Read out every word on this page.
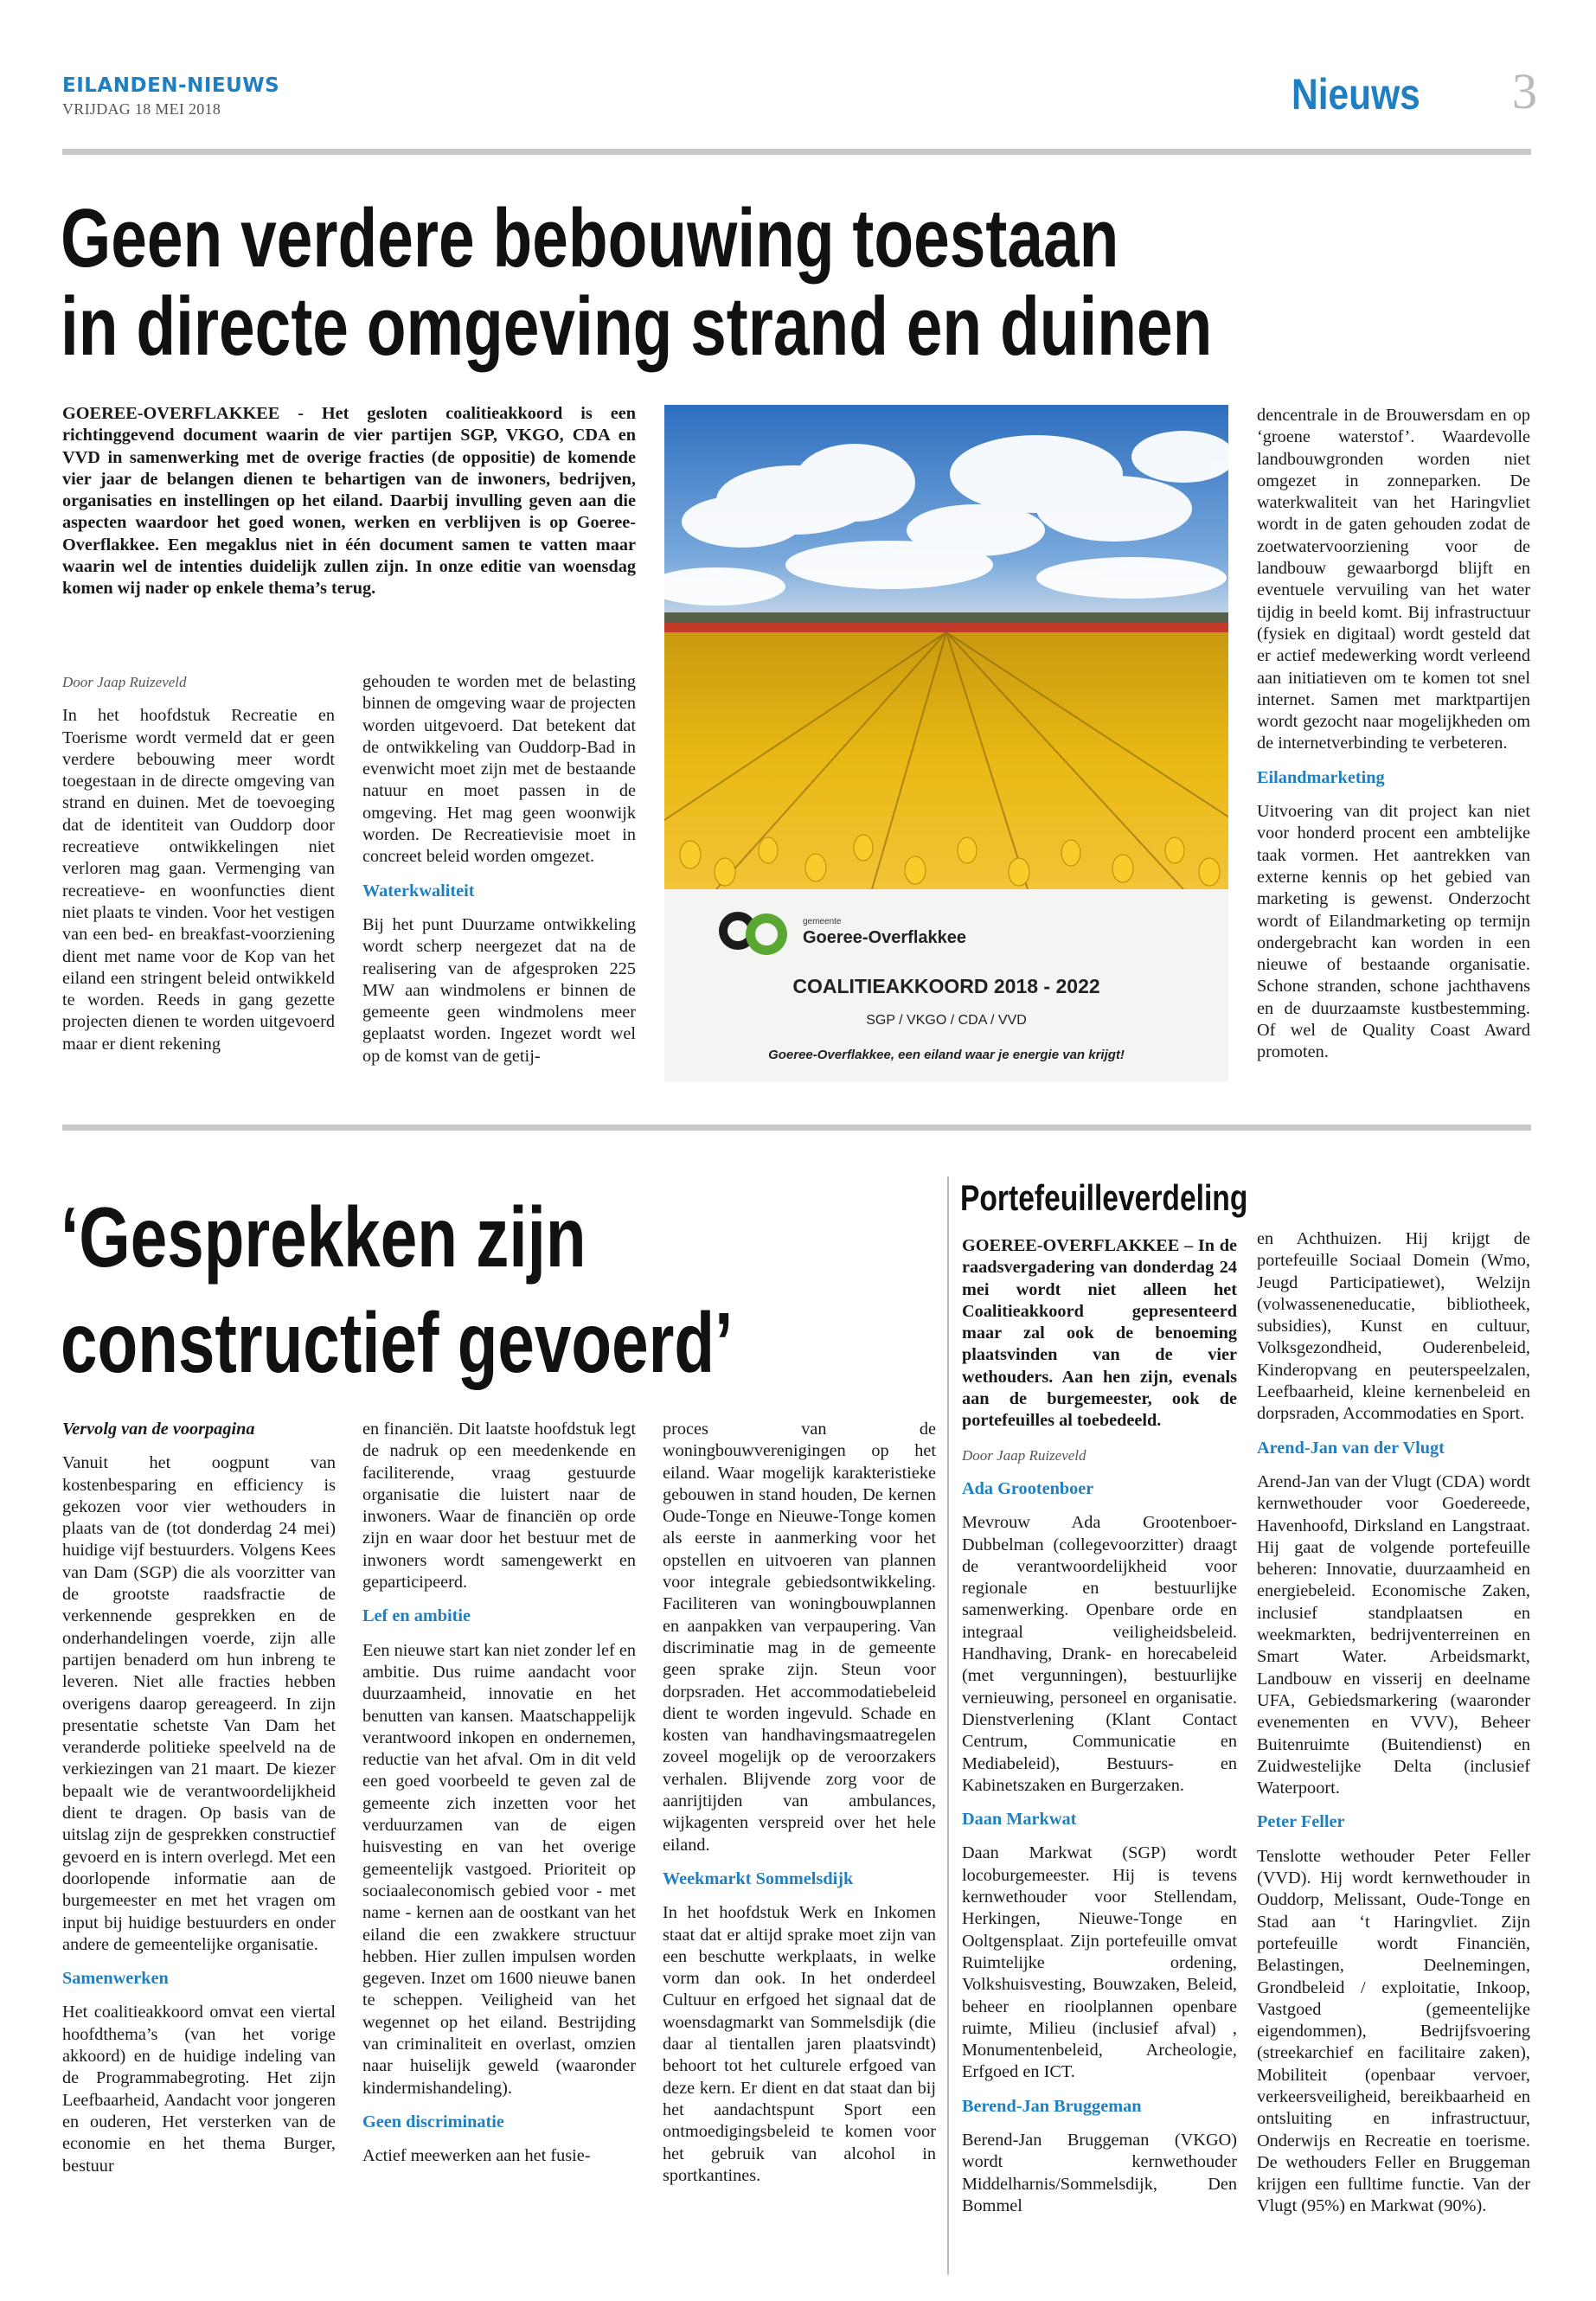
EILANDEN-NIEUWS
VRIJDAG 18 MEI 2018	Nieuws 3
Geen verdere bebouwing toestaan
in directe omgeving strand en duinen

GOEREE-OVERFLAKKEE - Het gesloten coalitieakkoord is een richtinggevend document waarin de vier partijen SGP, VKGO, CDA en VVD in samenwerking met de overige fracties (de oppositie) de komende vier jaar de belangen dienen te behartigen van de inwoners, bedrijven, organisaties en instellingen op het eiland. Daarbij invulling geven aan die aspecten waardoor het goed wonen, werken en verblijven is op Goeree-Overflakkee. Een megaklus niet in één document samen te vatten maar waarin wel de intenties duidelijk zullen zijn. In onze editie van woensdag komen wij nader op enkele thema’s terug.

Door Jaap Ruizeveld

In het hoofdstuk Recreatie en Toerisme wordt vermeld dat er geen verdere bebouwing meer wordt toegestaan in de directe omgeving van strand en duinen. Met de toevoeging dat de identiteit van Ouddorp door recreatieve ontwikkelingen niet verloren mag gaan. Vermenging van recreatieve- en woonfuncties dient niet plaats te vinden. Voor het vestigen van een bed- en breakfast-voorziening dient met name voor de Kop van het eiland een stringent beleid ontwikkeld te worden. Reeds in gang gezette projecten dienen te worden uitgevoerd maar er dient rekening

gehouden te worden met de belasting binnen de omgeving waar de projecten worden uitgevoerd. Dat betekent dat de ontwikkeling van Ouddorp-Bad in evenwicht moet zijn met de bestaande natuur en moet passen in de omgeving. Het mag geen woonwijk worden. De Recreatievisie moet in concreet beleid worden omgezet.

Waterkwaliteit

Bij het punt Duurzame ontwikkeling wordt scherp neergezet dat na de realisering van de afgesproken 225 MW aan windmolens er binnen de gemeente geen windmolens meer geplaatst worden. Ingezet wordt wel op de komst van de getij-

gemeente
Goeree-Overflakkee
COALITIEAKKOORD 2018 - 2022
SGP / VKGO / CDA / VVD
Goeree-Overflakkee, een eiland waar je energie van krijgt!

dencentrale in de Brouwersdam en op ‘groene waterstof’. Waardevolle landbouwgronden worden niet omgezet in zonneparken. De waterkwaliteit van het Haringvliet wordt in de gaten gehouden zodat de zoetwatervoorziening voor de landbouw gewaarborgd blijft en eventuele vervuiling van het water tijdig in beeld komt. Bij infrastructuur (fysiek en digitaal) wordt gesteld dat er actief medewerking wordt verleend aan initiatieven om te komen tot snel internet. Samen met marktpartijen wordt gezocht naar mogelijkheden om de internetverbinding te verbeteren.

Eilandmarketing

Uitvoering van dit project kan niet voor honderd procent een ambtelijke taak vormen. Het aantrekken van externe kennis op het gebied van marketing is gewenst. Onderzocht wordt of Eilandmarketing op termijn ondergebracht kan worden in een nieuwe of bestaande organisatie. Schone stranden, schone jachthavens en de duurzaamste kustbestemming. Of wel de Quality Coast Award promoten.

‘Gesprekken zijn
constructief gevoerd’

Vervolg van de voorpagina

Vanuit het oogpunt van kostenbesparing en efficiency is gekozen voor vier wethouders in plaats van de (tot donderdag 24 mei) huidige vijf bestuurders. Volgens Kees van Dam (SGP) die als voorzitter van de grootste raadsfractie de verkennende gesprekken en de onderhandelingen voerde, zijn alle partijen benaderd om hun inbreng te leveren. Niet alle fracties hebben overigens daarop gereageerd. In zijn presentatie schetste Van Dam het veranderde politieke speelveld na de verkiezingen van 21 maart. De kiezer bepaalt wie de verantwoordelijkheid dient te dragen. Op basis van de uitslag zijn de gesprekken constructief gevoerd en is intern overlegd. Met een doorlopende informatie aan de burgemeester en met het vragen om input bij huidige bestuurders en onder andere de gemeentelijke organisatie.

Samenwerken

Het coalitieakkoord omvat een viertal hoofdthema’s (van het vorige akkoord) en de huidige indeling van de Programmabegroting. Het zijn Leefbaarheid, Aandacht voor jongeren en ouderen, Het versterken van de economie en het thema Burger, bestuur

en financiën. Dit laatste hoofdstuk legt de nadruk op een meedenkende en faciliterende, vraag gestuurde organisatie die luistert naar de inwoners. Waar de financiën op orde zijn en waar door het bestuur met de inwoners wordt samengewerkt en geparticipeerd.

Lef en ambitie

Een nieuwe start kan niet zonder lef en ambitie. Dus ruime aandacht voor duurzaamheid, innovatie en het benutten van kansen. Maatschappelijk verantwoord inkopen en ondernemen, reductie van het afval. Om in dit veld een goed voorbeeld te geven zal de gemeente zich inzetten voor het verduurzamen van de eigen huisvesting en van het overige gemeentelijk vastgoed. Prioriteit op sociaaleconomisch gebied voor - met name - kernen aan de oostkant van het eiland die een zwakkere structuur hebben. Hier zullen impulsen worden gegeven. Inzet om 1600 nieuwe banen te scheppen. Veiligheid van het wegennet op het eiland. Bestrijding van criminaliteit en overlast, omzien naar huiselijk geweld (waaronder kindermishandeling).

Geen discriminatie

Actief meewerken aan het fusie-

proces van de woningbouwverenigingen op het eiland. Waar mogelijk karakteristieke gebouwen in stand houden, De kernen Oude-Tonge en Nieuwe-Tonge komen als eerste in aanmerking voor het opstellen en uitvoeren van plannen voor integrale gebiedsontwikkeling. Faciliteren van woningbouwplannen en aanpakken van verpaupering. Van discriminatie mag in de gemeente geen sprake zijn. Steun voor dorpsraden. Het accommodatiebeleid dient te worden ingevuld. Schade en kosten van handhavingsmaatregelen zoveel mogelijk op de veroorzakers verhalen. Blijvende zorg voor de aanrijtijden van ambulances, wijkagenten verspreid over het hele eiland.

Weekmarkt Sommelsdijk

In het hoofdstuk Werk en Inkomen staat dat er altijd sprake moet zijn van een beschutte werkplaats, in welke vorm dan ook. In het onderdeel Cultuur en erfgoed het signaal dat de woensdagmarkt van Sommelsdijk (die daar al tientallen jaren plaatsvindt) behoort tot het culturele erfgoed van deze kern. Er dient en dat staat dan bij het aandachtspunt Sport een ontmoedigingsbeleid te komen voor het gebruik van alcohol in sportkantines.

Portefeuilleverdeling

GOEREE-OVERFLAKKEE – In de raadsvergadering van donderdag 24 mei wordt niet alleen het Coalitieakkoord gepresenteerd maar zal ook de benoeming plaatsvinden van de vier wethouders. Aan hen zijn, evenals aan de burgemeester, ook de portefeuilles al toebedeeld.

Door Jaap Ruizeveld

Ada Grootenboer

Mevrouw Ada Grootenboer-Dubbelman (collegevoorzitter) draagt de verantwoordelijkheid voor regionale en bestuurlijke samenwerking. Openbare orde en integraal veiligheidsbeleid. Handhaving, Drank- en horecabeleid (met vergunningen), bestuurlijke vernieuwing, personeel en organisatie. Dienstverlening (Klant Contact Centrum, Communicatie en Mediabeleid), Bestuurs- en Kabinetszaken en Burgerzaken.

Daan Markwat

Daan Markwat (SGP) wordt locoburgemeester. Hij is tevens kernwethouder voor Stellendam, Herkingen, Nieuwe-Tonge en Ooltgensplaat. Zijn portefeuille omvat Ruimtelijke ordening, Volkshuisvesting, Bouwzaken, Beleid, beheer en rioolplannen openbare ruimte, Milieu (inclusief afval) , Monumentenbeleid, Archeologie, Erfgoed en ICT.

Berend-Jan Bruggeman

Berend-Jan Bruggeman (VKGO) wordt kernwethouder Middelharnis/Sommelsdijk, Den Bommel

en Achthuizen. Hij krijgt de portefeuille Sociaal Domein (Wmo, Jeugd Participatiewet), Welzijn (volwasseneneducatie, bibliotheek, subsidies), Kunst en cultuur, Volksgezondheid, Ouderenbeleid, Kinderopvang en peuterspeelzalen, Leefbaarheid, kleine kernenbeleid en dorpsraden, Accommodaties en Sport.

Arend-Jan van der Vlugt

Arend-Jan van der Vlugt (CDA) wordt kernwethouder voor Goedereede, Havenhoofd, Dirksland en Langstraat. Hij gaat de volgende portefeuille beheren: Innovatie, duurzaamheid en energiebeleid. Economische Zaken, inclusief standplaatsen en weekmarkten, bedrijventerreinen en Smart Water. Arbeidsmarkt, Landbouw en visserij en deelname UFA, Gebiedsmarkering (waaronder evenementen en VVV), Beheer Buitenruimte (Buitendienst) en Zuidwestelijke Delta (inclusief Waterpoort.

Peter Feller

Tenslotte wethouder Peter Feller (VVD). Hij wordt kernwethouder in Ouddorp, Melissant, Oude-Tonge en Stad aan ‘t Haringvliet. Zijn portefeuille wordt Financiën, Belastingen, Deelnemingen, Grondbeleid / exploitatie, Inkoop, Vastgoed (gemeentelijke eigendommen), Bedrijfsvoering (streekarchief en facilitaire zaken), Mobiliteit (openbaar vervoer, verkeersveiligheid, bereikbaarheid en ontsluiting en infrastructuur, Onderwijs en Recreatie en toerisme. De wethouders Feller en Bruggeman krijgen een fulltime functie. Van der Vlugt (95%) en Markwat (90%).
